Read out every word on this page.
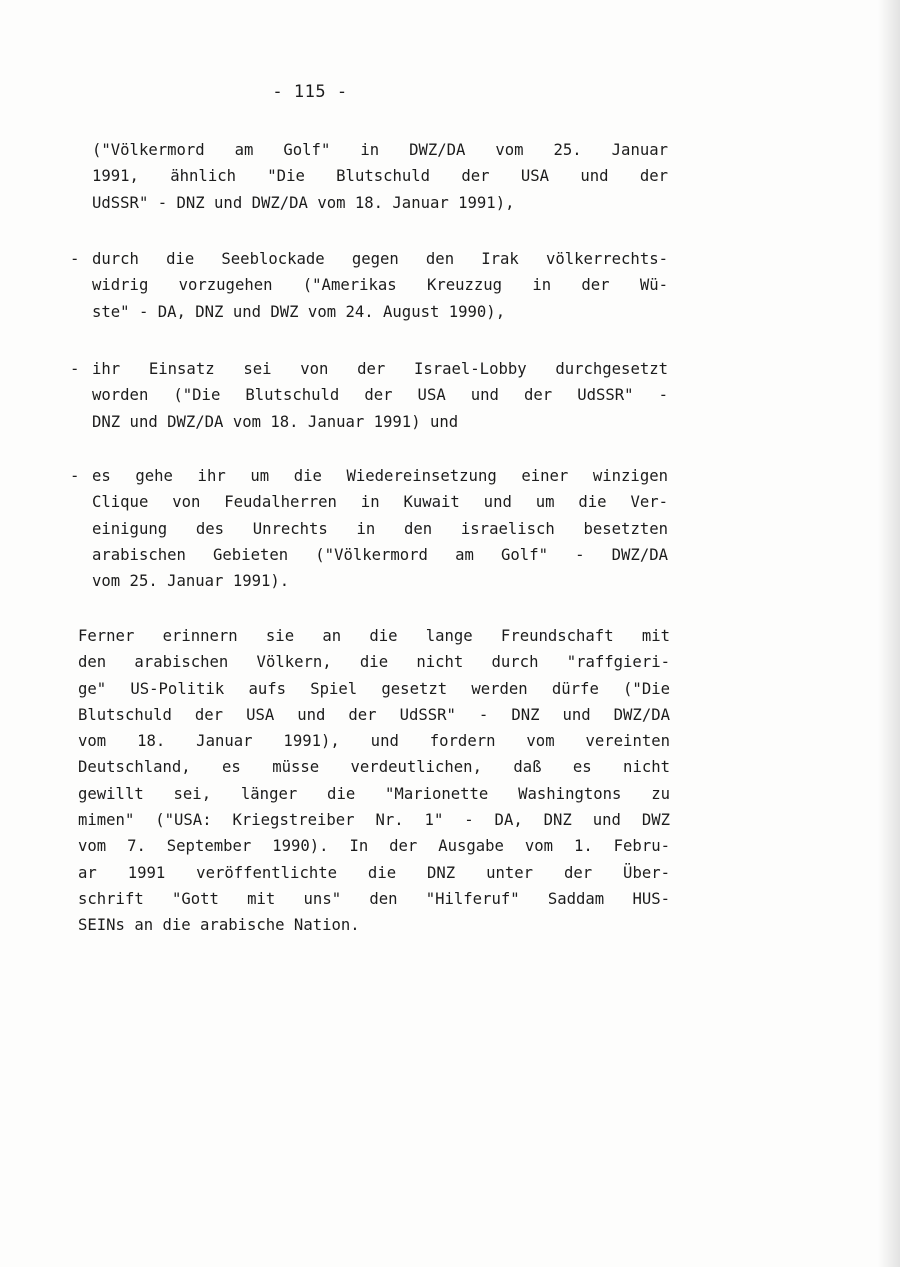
- 115 -
("Völkermord am Golf" in DWZ/DA vom 25. Januar
1991, ähnlich "Die Blutschuld der USA und der
UdSSR" - DNZ und DWZ/DA vom 18. Januar 1991),
- durch die Seeblockade gegen den Irak völkerrechts-
widrig vorzugehen ("Amerikas Kreuzzug in der Wü-
ste" - DA, DNZ und DWZ vom 24. August 1990),
- ihr Einsatz sei von der Israel-Lobby durchgesetzt
worden ("Die Blutschuld der USA und der UdSSR" -
DNZ und DWZ/DA vom 18. Januar 1991) und
- es gehe ihr um die Wiedereinsetzung einer winzigen
Clique von Feudalherren in Kuwait und um die Ver-
einigung des Unrechts in den israelisch besetzten
arabischen Gebieten ("Völkermord am Golf" - DWZ/DA
vom 25. Januar 1991).
Ferner erinnern sie an die lange Freundschaft mit
den arabischen Völkern, die nicht durch "raffgieri-
ge" US-Politik aufs Spiel gesetzt werden dürfe ("Die
Blutschuld der USA und der UdSSR" - DNZ und DWZ/DA
vom 18. Januar 1991), und fordern vom vereinten
Deutschland, es müsse verdeutlichen, daß es nicht
gewillt sei, länger die "Marionette Washingtons zu
mimen" ("USA: Kriegstreiber Nr. 1" - DA, DNZ und DWZ
vom 7. September 1990). In der Ausgabe vom 1. Febru-
ar 1991 veröffentlichte die DNZ unter der Über-
schrift "Gott mit uns" den "Hilferuf" Saddam HUS-
SEINs an die arabische Nation.
